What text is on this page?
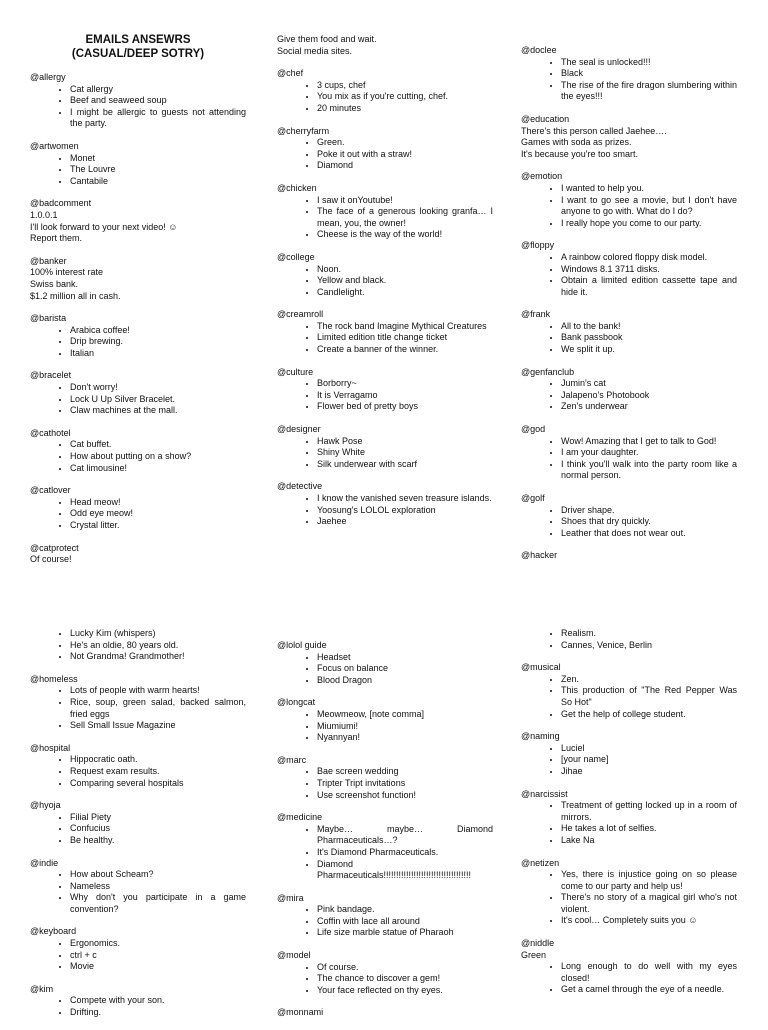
EMAILS ANSEWRS
(CASUAL/DEEP SOTRY)
@allergy
• Cat allergy
• Beef and seaweed soup
• I might be allergic to guests not attending the party.
@artwomen
• Monet
• The Louvre
• Cantabile
@badcomment
1.0.0.1
I'll look forward to your next video! ☺
Report them.
@banker
100% interest rate
Swiss bank.
$1.2 million all in cash.
@barista
• Arabica coffee!
• Drip brewing.
• Italian
@bracelet
• Don't worry!
• Lock U Up Silver Bracelet.
• Claw machines at the mall.
@cathotel
• Cat buffet.
• How about putting on a show?
• Cat limousine!
@catlover
• Head meow!
• Odd eye meow!
• Crystal litter.
@catprotect
Of course!
Give them food and wait.
Social media sites.
@chef
• 3 cups, chef
• You mix as if you're cutting, chef.
• 20 minutes
@cherryfarm
• Green.
• Poke it out with a straw!
• Diamond
@chicken
• I saw it onYoutube!
• The face of a generous looking granfa… I mean, you, the owner!
• Cheese is the way of the world!
@college
• Noon.
• Yellow and black.
• Candlelight.
@creamroll
• The rock band Imagine Mythical Creatures
• Limited edition title change ticket
• Create a banner of the winner.
@culture
• Borborry~
• It is Verragamo
• Flower bed of pretty boys
@designer
• Hawk Pose
• Shiny White
• Silk underwear with scarf
@detective
• I know the vanished seven treasure islands.
• Yoosung's LOLOL exploration
• Jaehee
@doclee
• The seal is unlocked!!!
• Black
• The rise of the fire dragon slumbering within the eyes!!!
@education
There's this person called Jaehee….
Games with soda as prizes.
It's because you're too smart.
@emotion
• I wanted to help you.
• I want to go see a movie, but I don't have anyone to go with. What do I do?
• I really hope you come to our party.
@floppy
• A rainbow colored floppy disk model.
• Windows 8.1 3711 disks.
• Obtain a limited edition cassette tape and hide it.
@frank
• All to the bank!
• Bank passbook
• We split it up.
@genfanclub
• Jumin's cat
• Jalapeno's Photobook
• Zen's underwear
@god
• Wow! Amazing that I get to talk to God!
• I am your daughter.
• I think you'll walk into the party room like a normal person.
@golf
• Driver shape.
• Shoes that dry quickly.
• Leather that does not wear out.
@hacker
• Lucky Kim (whispers)
• He's an oldie, 80 years old.
• Not Grandma! Grandmother!
@homeless
• Lots of people with warm hearts!
• Rice, soup, green salad, backed salmon, fried eggs
• Sell Small Issue Magazine
@hospital
• Hippocratic oath.
• Request exam results.
• Comparing several hospitals
@hyoja
• Filial Piety
• Confucius
• Be healthy.
@indie
• How about Scheam?
• Nameless
• Why don't you participate in a game convention?
@keyboard
• Ergonomics.
• ctrl + c
• Movie
@kim
• Compete with your son.
• Drifting.
@lolol guide
• Headset
• Focus on balance
• Blood Dragon
@longcat
• Meowmeow, [note comma]
• Miumiumi!
• Nyannyan!
@marc
• Bae screen wedding
• Tripter Tript invitations
• Use screenshot function!
@medicine
• Maybe… maybe… Diamond Pharmaceuticals…?
• It's Diamond Pharmaceuticals.
• Diamond Pharmaceuticals!!!!!!!!!!!!!!!!!!!!!!!!!!!!!!!!!!!
@mira
• Pink bandage.
• Coffin with lace all around
• Life size marble statue of Pharaoh
@model
• Of course.
• The chance to discover a gem!
• Your face reflected on thy eyes.
@monnami
• Realism.
• Cannes, Venice, Berlin
@musical
• Zen.
• This production of "The Red Pepper Was So Hot"
• Get the help of college student.
@naming
• Luciel
• [your name]
• Jihae
@narcissist
• Treatment of getting locked up in a room of mirrors.
• He takes a lot of selfies.
• Lake Na
@netizen
• Yes, there is injustice going on so please come to our party and help us!
• There's no story of a magical girl who's not violent.
• It's cool… Completely suits you ☺
@niddle
Green
• Long enough to do well with my eyes closed!
• Get a camel through the eye of a needle.
